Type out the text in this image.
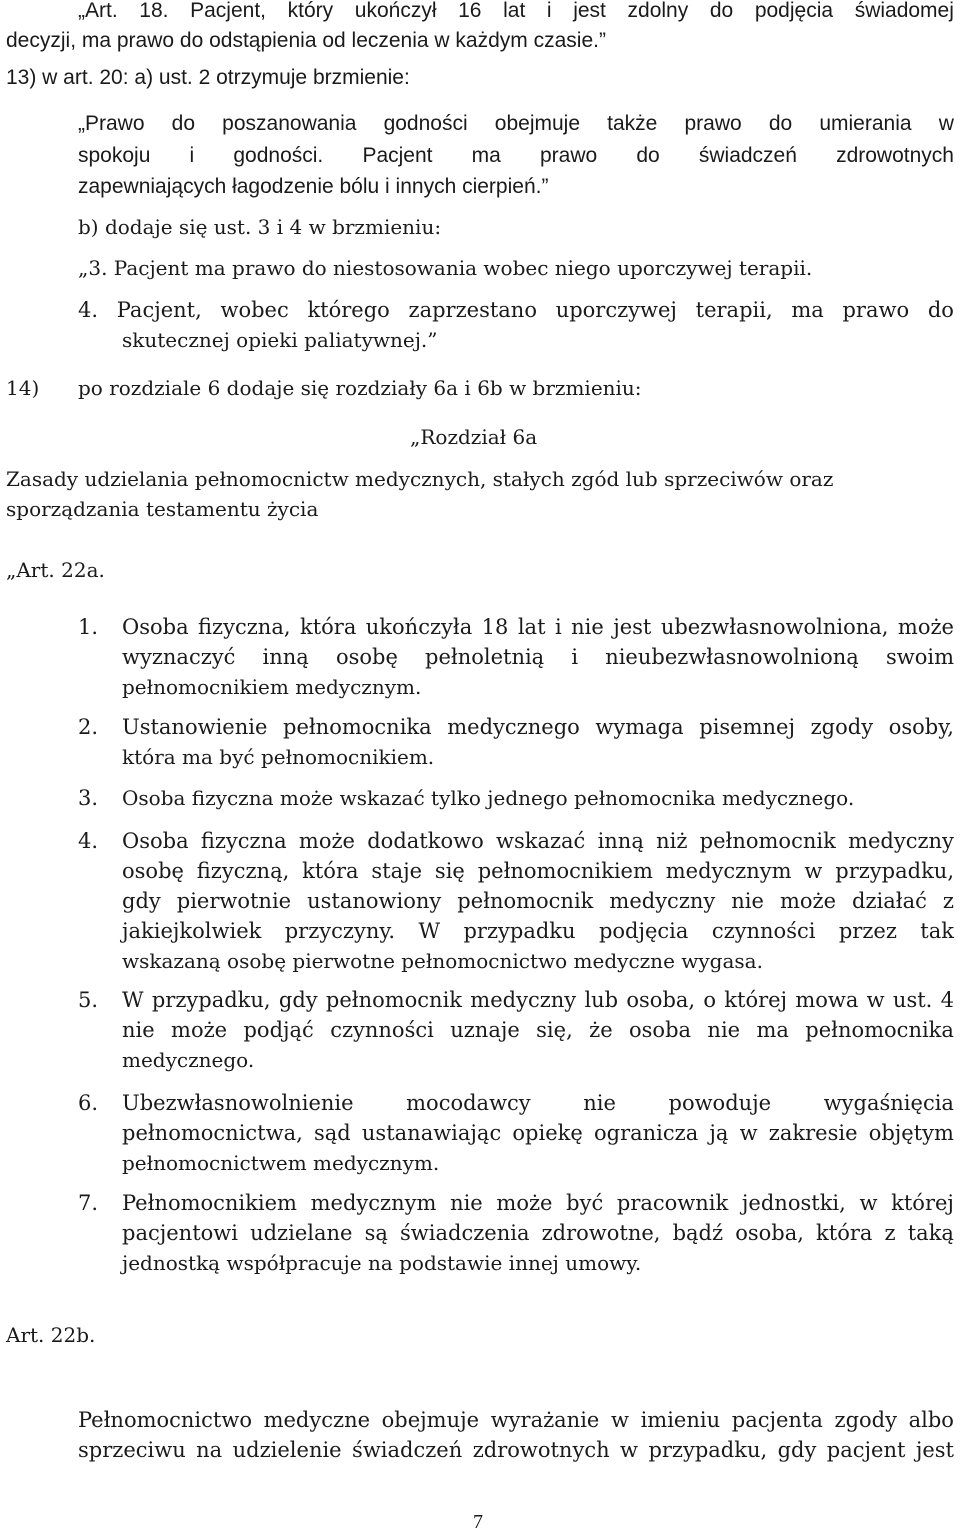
„Art. 18. Pacjent, który ukończył 16 lat i jest zdolny do podjęcia świadomej
decyzji, ma prawo do odstąpienia od leczenia w każdym czasie.”
13) w art. 20: a) ust. 2 otrzymuje brzmienie:
„Prawo do poszanowania godności obejmuje także prawo do umierania w
spokoju i godności. Pacjent ma prawo do świadczeń zdrowotnych
zapewniających łagodzenie bólu i innych cierpień.”
b) dodaje się ust. 3 i 4 w brzmieniu:
„3. Pacjent ma prawo do niestosowania wobec niego uporczywej terapii.
4. Pacjent, wobec którego zaprzestano uporczywej terapii, ma prawo do
skutecznej opieki paliatywnej.”
14) po rozdziale 6 dodaje się rozdziały 6a i 6b w brzmieniu:
„Rozdział 6a
Zasady udzielania pełnomocnictw medycznych, stałych zgód lub sprzeciwów oraz
sporządzania testamentu życia
„Art. 22a.
1. Osoba fizyczna, która ukończyła 18 lat i nie jest ubezwłasnowolniona, może
wyznaczyć inną osobę pełnoletnią i nieubezwłasnowolnioną swoim
pełnomocnikiem medycznym.
2. Ustanowienie pełnomocnika medycznego wymaga pisemnej zgody osoby,
która ma być pełnomocnikiem.
3. Osoba fizyczna może wskazać tylko jednego pełnomocnika medycznego.
4. Osoba fizyczna może dodatkowo wskazać inną niż pełnomocnik medyczny
osobę fizyczną, która staje się pełnomocnikiem medycznym w przypadku,
gdy pierwotnie ustanowiony pełnomocnik medyczny nie może działać z
jakiejkolwiek przyczyny. W przypadku podjęcia czynności przez tak
wskazaną osobę pierwotne pełnomocnictwo medyczne wygasa.
5. W przypadku, gdy pełnomocnik medyczny lub osoba, o której mowa w ust. 4
nie może podjąć czynności uznaje się, że osoba nie ma pełnomocnika
medycznego.
6. Ubezwłasnowolnienie	mocodawcy	nie	powoduje	wygaśnięcia
pełnomocnictwa, sąd ustanawiając opiekę ogranicza ją w zakresie objętym
pełnomocnictwem medycznym.
7. Pełnomocnikiem medycznym nie może być pracownik jednostki, w której
pacjentowi udzielane są świadczenia zdrowotne, bądź osoba, która z taką
jednostką współpracuje na podstawie innej umowy.
Art. 22b.
Pełnomocnictwo medyczne obejmuje wyrażanie w imieniu pacjenta zgody albo
sprzeciwu na udzielenie świadczeń zdrowotnych w przypadku, gdy pacjent jest
7
